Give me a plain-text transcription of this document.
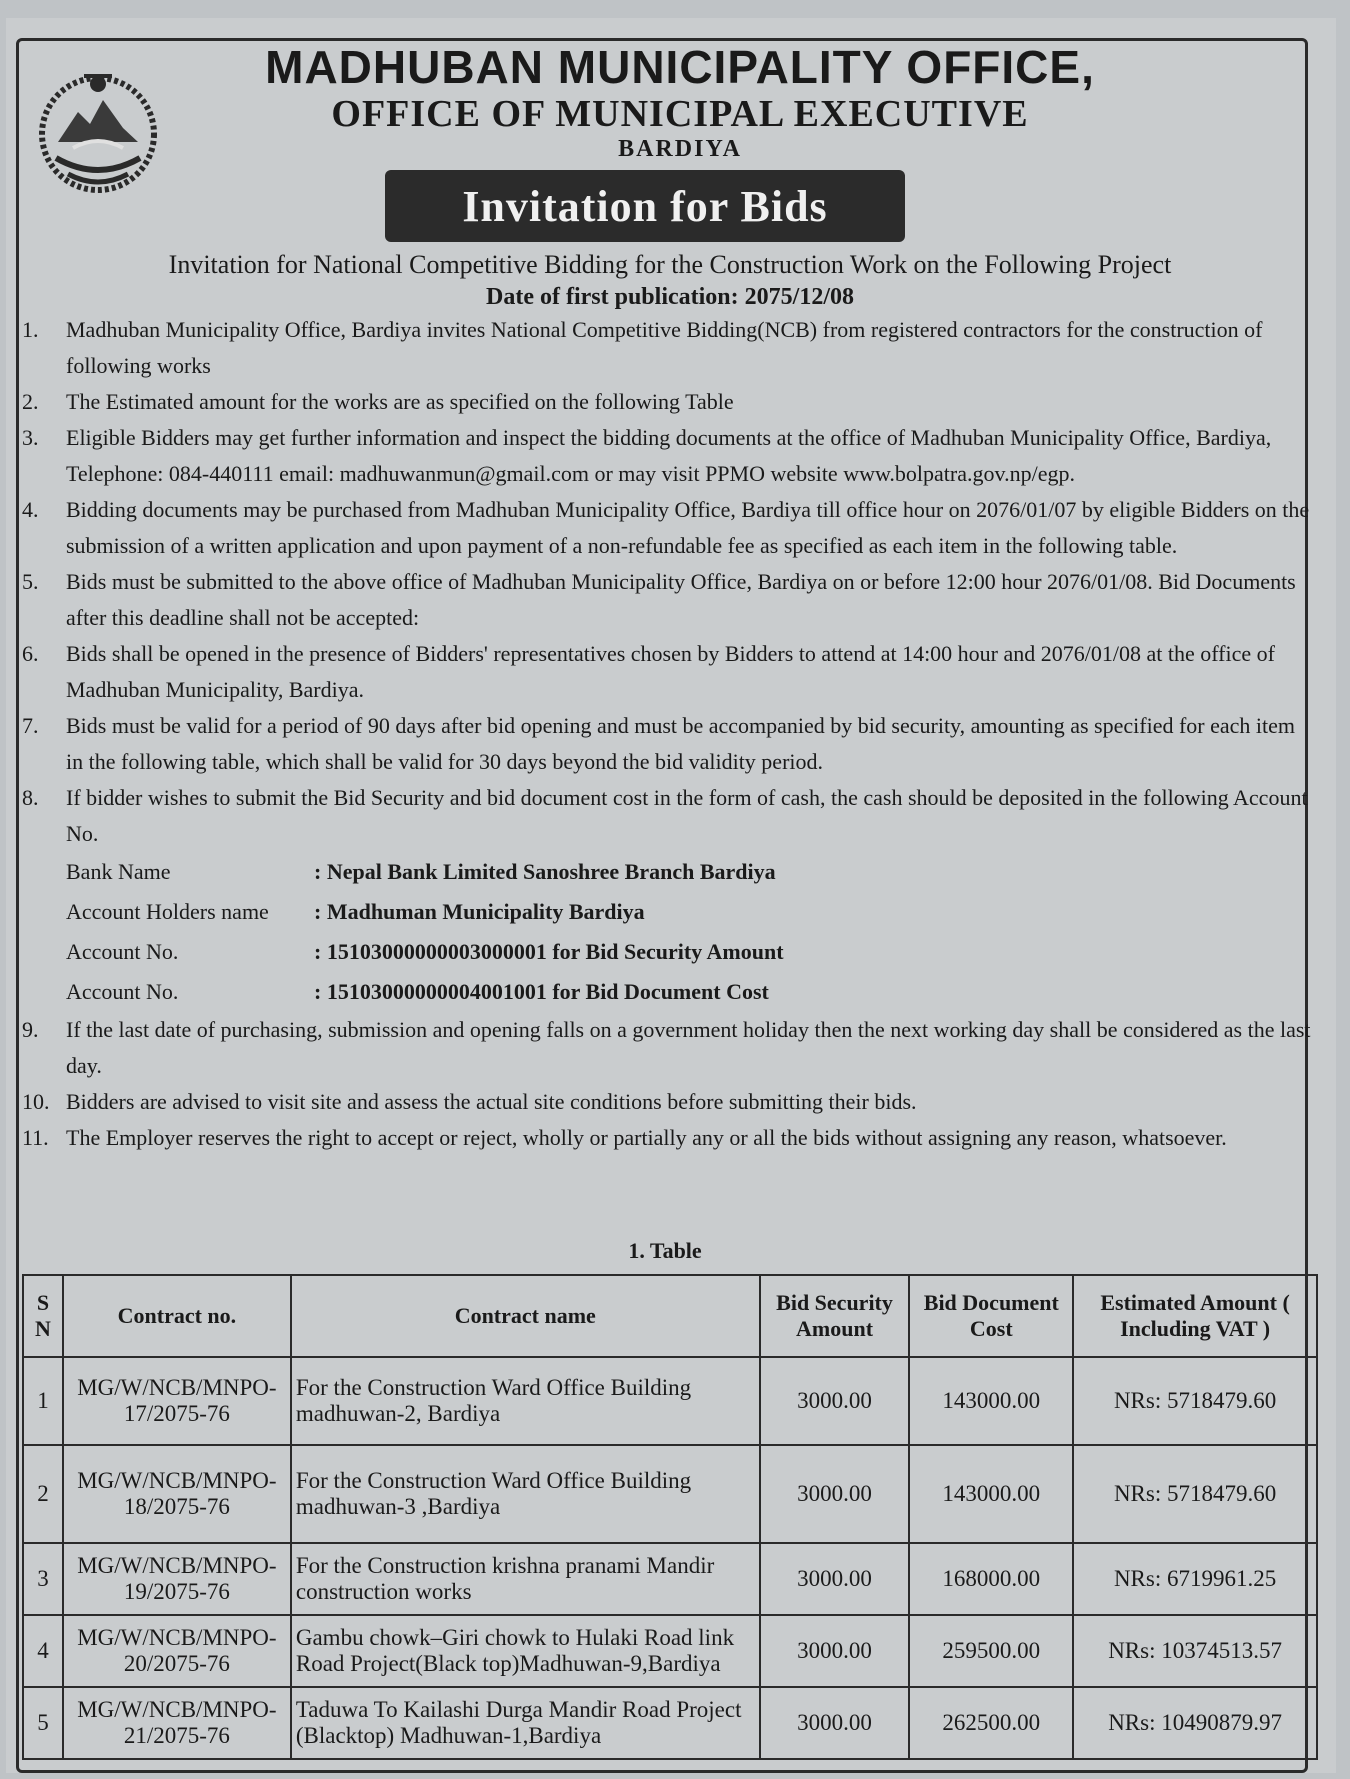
MADHUBAN MUNICIPALITY OFFICE,
OFFICE OF MUNICIPAL EXECUTIVE
BARDIYA
Invitation for Bids
Invitation for National Competitive Bidding for the Construction Work on the Following Project
Date of first publication: 2075/12/08
1.	Madhuban Municipality Office, Bardiya invites National Competitive Bidding(NCB) from registered contractors for the construction of following works
2.	The Estimated amount for the works are as specified on the following Table
3.	Eligible Bidders may get further information and inspect the bidding documents at the office of Madhuban Municipality Office, Bardiya, Telephone: 084-440111 email: madhuwanmun@gmail.com or may visit PPMO website www.bolpatra.gov.np/egp.
4.	Bidding documents may be purchased from Madhuban Municipality Office, Bardiya till office hour on 2076/01/07 by eligible Bidders on the submission of a written application and upon payment of a non-refundable fee as specified as each item in the following table.
5.	Bids must be submitted to the above office of Madhuban Municipality Office, Bardiya on or before 12:00 hour 2076/01/08. Bid Documents after this deadline shall not be accepted:
6.	Bids shall be opened in the presence of Bidders' representatives chosen by Bidders to attend at 14:00 hour and 2076/01/08 at the office of Madhuban Municipality, Bardiya.
7.	Bids must be valid for a period of 90 days after bid opening and must be accompanied by bid security, amounting as specified for each item in the following table, which shall be valid for 30 days beyond the bid validity period.
8.	If bidder wishes to submit the Bid Security and bid document cost in the form of cash, the cash should be deposited in the following Account No.
Bank Name	: Nepal Bank Limited Sanoshree Branch Bardiya
Account Holders name	: Madhuman Municipality Bardiya
Account No.	: 15103000000003000001 for Bid Security Amount
Account No.	: 15103000000004001001 for Bid Document Cost
9.	If the last date of purchasing, submission and opening falls on a government holiday then the next working day shall be considered as the last day.
10. Bidders are advised to visit site and assess the actual site conditions before submitting their bids.
11. The Employer reserves the right to accept or reject, wholly or partially any or all the bids without assigning any reason, whatsoever.
1. Table
S N	Contract no.	Contract name	Bid Security Amount	Bid Document Cost	Estimated Amount ( Including VAT )
1	MG/W/NCB/MNPO-17/2075-76	For the Construction Ward Office Building madhuwan-2, Bardiya	3000.00	143000.00	NRs: 5718479.60
2	MG/W/NCB/MNPO-18/2075-76	For the Construction Ward Office Building madhuwan-3 ,Bardiya	3000.00	143000.00	NRs: 5718479.60
3	MG/W/NCB/MNPO-19/2075-76	For the Construction krishna pranami Mandir construction works	3000.00	168000.00	NRs: 6719961.25
4	MG/W/NCB/MNPO-20/2075-76	Gambu chowk–Giri chowk to Hulaki Road link Road Project(Black top)Madhuwan-9,Bardiya	3000.00	259500.00	NRs: 10374513.57
5	MG/W/NCB/MNPO-21/2075-76	Taduwa To Kailashi Durga Mandir Road Project (Blacktop) Madhuwan-1,Bardiya	3000.00	262500.00	NRs: 10490879.97
